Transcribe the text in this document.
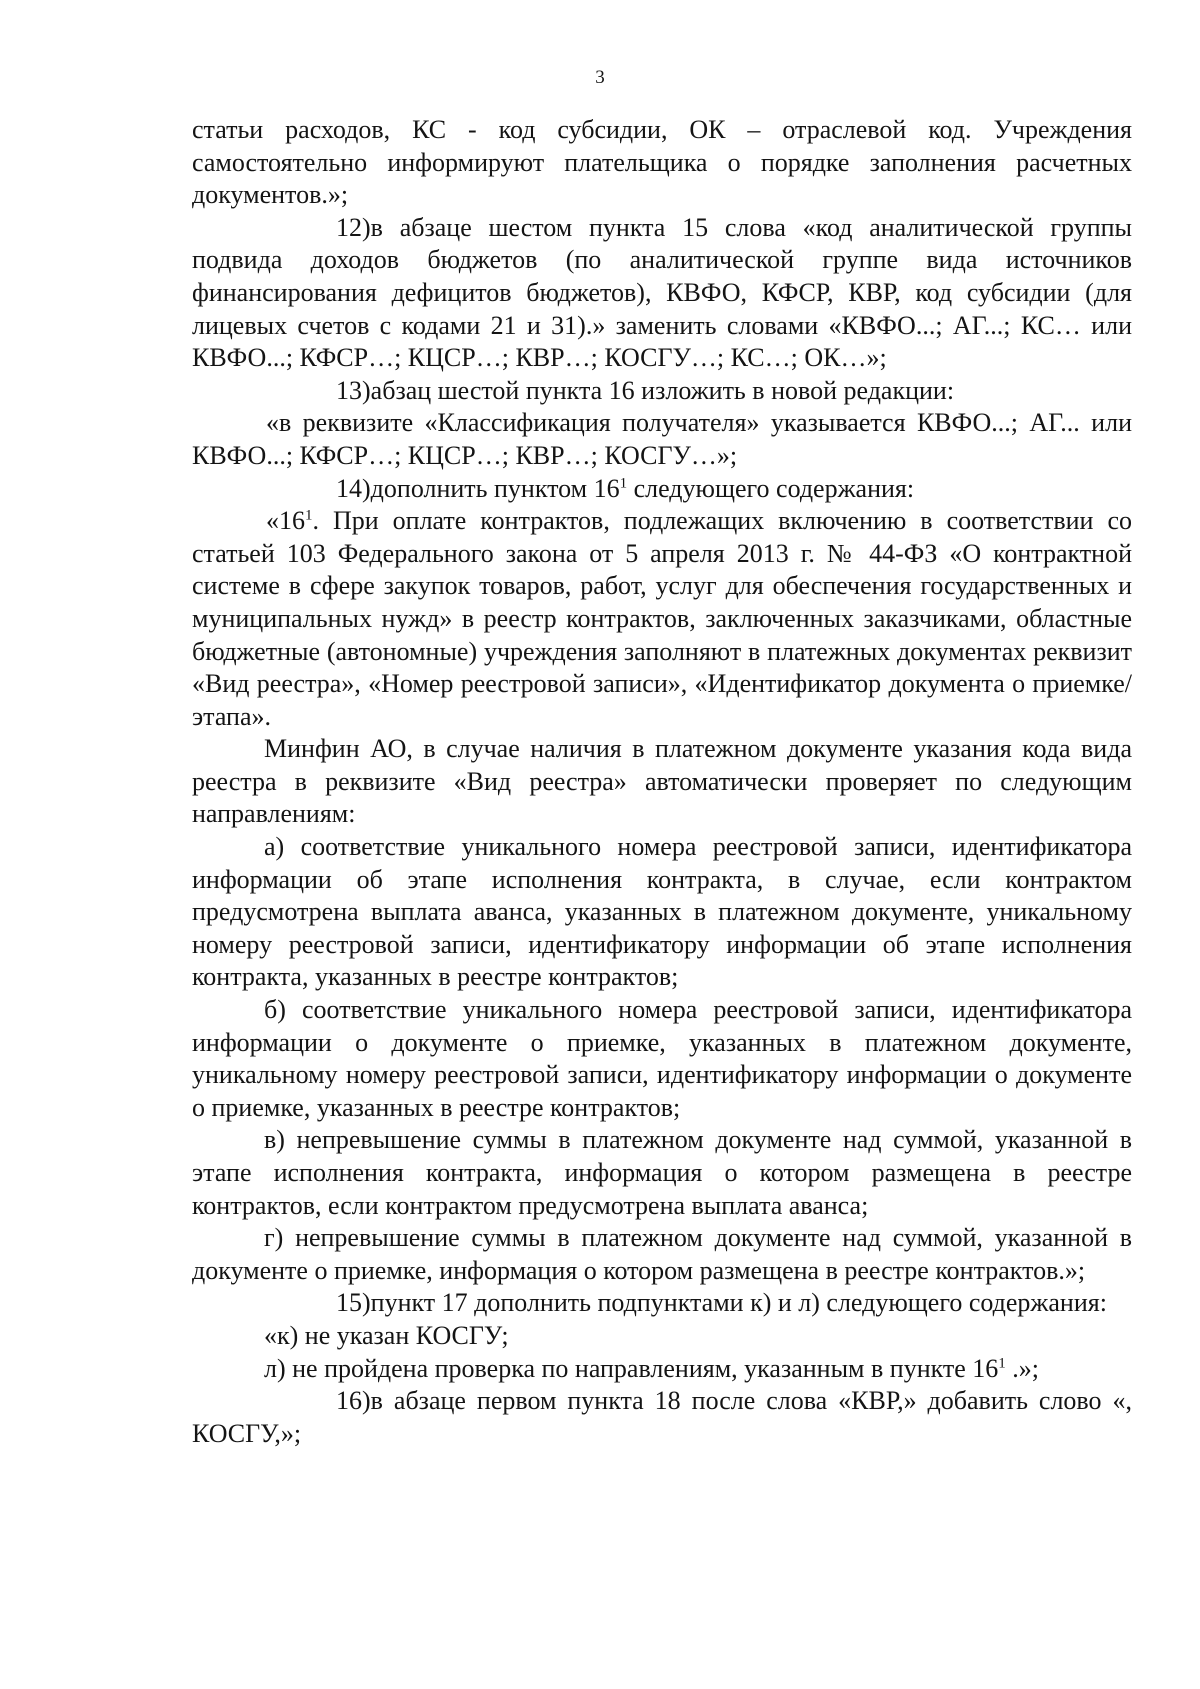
3

статьи расходов, КС - код субсидии, ОК – отраслевой код. Учреждения самостоятельно информируют плательщика о порядке заполнения расчетных документов.»;

12)в абзаце шестом пункта 15 слова «код аналитической группы подвида доходов бюджетов (по аналитической группе вида источников финансирования дефицитов бюджетов), КВФО, КФСР, КВР, код субсидии (для лицевых счетов с кодами 21 и 31).» заменить словами «КВФО...; АГ...; КС… или КВФО...; КФСР…; КЦСР…; КВР…; КОСГУ…; КС…; ОК…»;

13)абзац шестой пункта 16 изложить в новой редакции:

«в реквизите «Классификация получателя» указывается КВФО...; АГ... или КВФО...; КФСР…; КЦСР…; КВР…; КОСГУ…»;

14)дополнить пунктом $16^1$ следующего содержания:

«$16^1$. При оплате контрактов, подлежащих включению в соответствии со статьей 103 Федерального закона от 5 апреля 2013 г. № 44-ФЗ «О контрактной системе в сфере закупок товаров, работ, услуг для обеспечения государственных и муниципальных нужд» в реестр контрактов, заключенных заказчиками, областные бюджетные (автономные) учреждения заполняют в платежных документах реквизит «Вид реестра», «Номер реестровой записи», «Идентификатор документа о приемке/этапа».

Минфин АО, в случае наличия в платежном документе указания кода вида реестра в реквизите «Вид реестра» автоматически проверяет по следующим направлениям:

а) соответствие уникального номера реестровой записи, идентификатора информации об этапе исполнения контракта, в случае, если контрактом предусмотрена выплата аванса, указанных в платежном документе, уникальному номеру реестровой записи, идентификатору информации об этапе исполнения контракта, указанных в реестре контрактов;

б) соответствие уникального номера реестровой записи, идентификатора информации о документе о приемке, указанных в платежном документе, уникальному номеру реестровой записи, идентификатору информации о документе о приемке, указанных в реестре контрактов;

в) непревышение суммы в платежном документе над суммой, указанной в этапе исполнения контракта, информация о котором размещена в реестре контрактов, если контрактом предусмотрена выплата аванса;

г) непревышение суммы в платежном документе над суммой, указанной в документе о приемке, информация о котором размещена в реестре контрактов.»;

15)пункт 17 дополнить подпунктами к) и л) следующего содержания:

«к) не указан КОСГУ;

л) не пройдена проверка по направлениям, указанным в пункте $16^1$ .»;

16)в абзаце первом пункта 18 после слова «КВР,» добавить слово «, КОСГУ,»;
